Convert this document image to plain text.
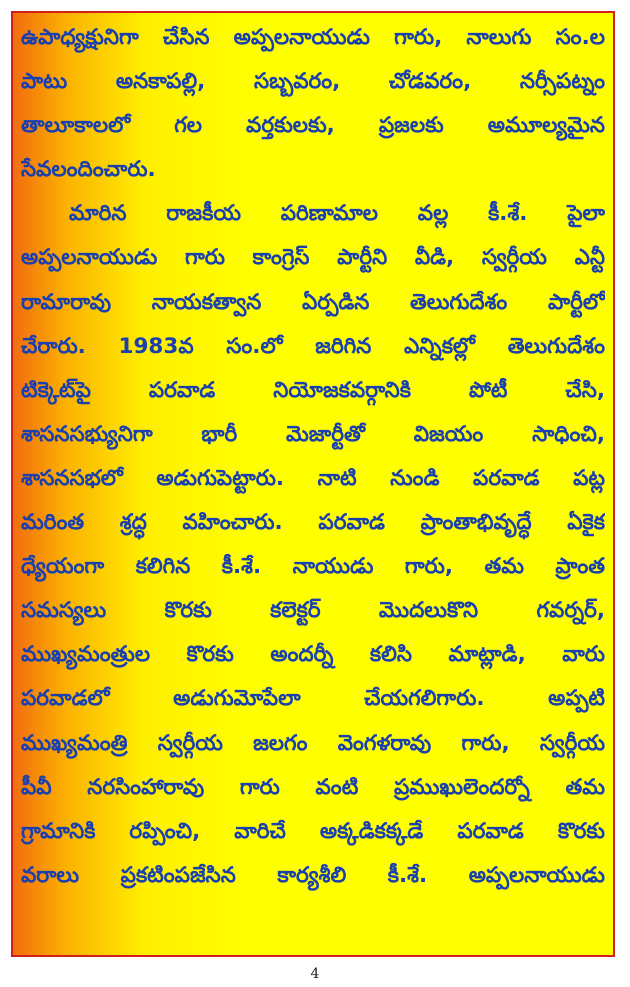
ఉపాధ్యక్షునిగా చేసిన అప్పలనాయుడు గారు, నాలుగు సం.ల
పాటు అనకాపల్లి, సబ్బవరం, చోడవరం, నర్సీపట్నం
తాలూకాలలో గల వర్తకులకు, ప్రజలకు అమూల్యమైన
సేవలందించారు.
మారిన రాజకీయ పరిణామాల వల్ల కీ.శే. పైలా
అప్పలనాయుడు గారు కాంగ్రెస్ పార్టీని వీడి, స్వర్గీయ ఎన్టీ
రామారావు నాయకత్వాన ఏర్పడిన తెలుగుదేశం పార్టీలో
చేరారు. 1983వ సం.లో జరిగిన ఎన్నికల్లో తెలుగుదేశం
టిక్కెట్‌పై పరవాడ నియోజకవర్గానికి పోటీ చేసి,
శాసనసభ్యునిగా భారీ మెజార్టీతో విజయం సాధించి,
శాసనసభలో అడుగుపెట్టారు. నాటి నుండి పరవాడ పట్ల
మరింత శ్రద్ధ వహించారు. పరవాడ ప్రాంతాభివృద్ధే ఏకైక
ధ్యేయంగా కలిగిన కీ.శే. నాయుడు గారు, తమ ప్రాంత
సమస్యలు కొరకు కలెక్టర్ మొదలుకొని గవర్నర్,
ముఖ్యమంత్రుల కొరకు అందర్నీ కలిసి మాట్లాడి, వారు
పరవాడలో అడుగుమోపేలా చేయగలిగారు. అప్పటి
ముఖ్యమంత్రి స్వర్గీయ జలగం వెంగళరావు గారు, స్వర్గీయ
పీవీ నరసింహారావు గారు వంటి ప్రముఖులెందర్నో తమ
గ్రామానికి రప్పించి, వారిచే అక్కడికక్కడే పరవాడ కొరకు
వరాలు ప్రకటింపజేసిన కార్యశీలి కీ.శే. అప్పలనాయుడు
4
